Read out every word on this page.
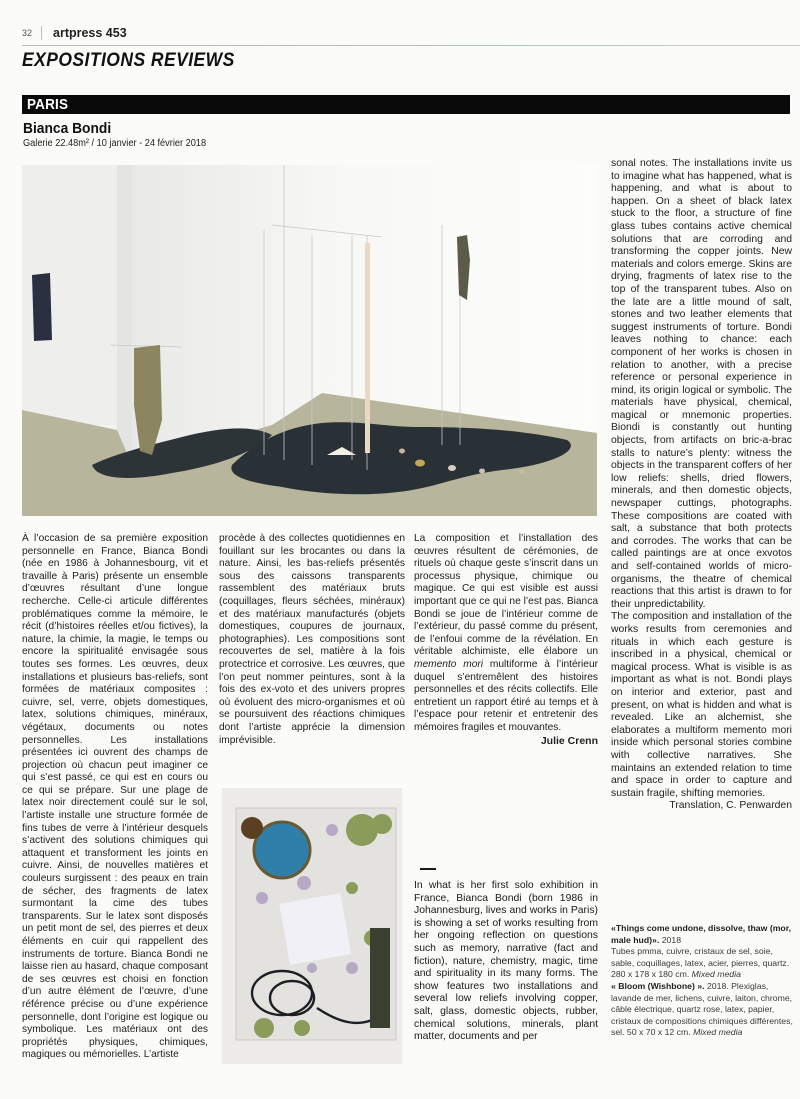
32 artpress 453
EXPOSITIONS REVIEWS
PARIS
Bianca Bondi
Galerie 22.48m² / 10 janvier - 24 février 2018

À l’occasion de sa première exposition personnelle en France, Bianca Bondi (née en 1986 à Johannesbourg, vit et travaille à Paris) présente un ensemble d’œuvres résultant d’une longue recherche. Celle-ci articule différentes problématiques comme la mémoire, le récit (d’histoires réelles et/ou fictives), la nature, la chimie, la magie, le temps ou encore la spiritualité envisagée sous toutes ses formes. Les œuvres, deux installations et plusieurs bas-reliefs, sont formées de matériaux composites : cuivre, sel, verre, objets domestiques, latex, solutions chimiques, minéraux, végétaux, documents ou notes personnelles. Les installations présentées ici ouvrent des champs de projection où chacun peut imaginer ce qui s’est passé, ce qui est en cours ou ce qui se prépare. Sur une plage de latex noir directement coulé sur le sol, l’artiste installe une structure formée de fins tubes de verre à l’intérieur desquels s’activent des solutions chimiques qui attaquent et transforment les joints en cuivre. Ainsi, de nouvelles matières et couleurs surgissent : des peaux en train de sécher, des fragments de latex surmontant la cime des tubes transparents. Sur le latex sont disposés un petit mont de sel, des pierres et deux éléments en cuir qui rappellent des instruments de torture. Bianca Bondi ne laisse rien au hasard, chaque composant de ses œuvres est choisi en fonction d’un autre élément de l’œuvre, d’une référence précise ou d’une expérience personnelle, dont l’origine est logique ou symbolique. Les matériaux ont des propriétés physiques, chimiques, magiques ou mémorielles. L’artiste

procède à des collectes quotidiennes en fouillant sur les brocantes ou dans la nature. Ainsi, les bas-reliefs présentés sous des caissons transparents rassemblent des matériaux bruts (coquillages, fleurs séchées, minéraux) et des matériaux manufacturés (objets domestiques, coupures de journaux, photographies). Les compositions sont recouvertes de sel, matière à la fois protectrice et corrosive. Les œuvres, que l’on peut nommer peintures, sont à la fois des ex-voto et des univers propres où évoluent des micro-organismes et où se poursuivent des réactions chimiques dont l’artiste apprécie la dimension imprévisible.

La composition et l’installation des œuvres résultent de cérémonies, de rituels où chaque geste s’inscrit dans un processus physique, chimique ou magique. Ce qui est visible est aussi important que ce qui ne l’est pas. Bianca Bondi se joue de l’intérieur comme de l’extérieur, du passé comme du présent, de l’enfoui comme de la révélation. En véritable alchimiste, elle élabore un memento mori multiforme à l’intérieur duquel s’entremêlent des histoires personnelles et des récits collectifs. Elle entretient un rapport étiré au temps et à l’espace pour retenir et entretenir des mémoires fragiles et mouvantes.

Julie Crenn

In what is her first solo exhibition in France, Bianca Bondi (born 1986 in Johannesburg, lives and works in Paris) is showing a set of works resulting from her ongoing reflection on questions such as memory, narrative (fact and fiction), nature, chemistry, magic, time and spirituality in its many forms. The show features two installations and several low reliefs involving copper, salt, glass, domestic objects, rubber, chemical solutions, minerals, plant matter, documents and per

sonal notes. The installations invite us to imagine what has happened, what is happening, and what is about to happen. On a sheet of black latex stuck to the floor, a structure of fine glass tubes contains active chemical solutions that are corroding and transforming the copper joints. New materials and colors emerge. Skins are drying, fragments of latex rise to the top of the transparent tubes. Also on the late are a little mound of salt, stones and two leather elements that suggest instruments of torture. Bondi leaves nothing to chance: each component of her works is chosen in relation to another, with a precise reference or personal experience in mind, its origin logical or symbolic. The materials have physical, chemical, magical or mnemonic properties. Biondi is constantly out hunting objects, from artifacts on bric-a-brac stalls to nature’s plenty: witness the objects in the transparent coffers of her low reliefs: shells, dried flowers, minerals, and then domestic objects, newspaper cuttings, photographs. These compositions are coated with salt, a substance that both protects and corrodes. The works that can be called paintings are at once exvotos and self-contained worlds of micro-organisms, the theatre of chemical reactions that this artist is drawn to for their unpredictability.

The composition and installation of the works results from ceremonies and rituals in which each gesture is inscribed in a physical, chemical or magical process. What is visible is as important as what is not. Bondi plays on interior and exterior, past and present, on what is hidden and what is revealed. Like an alchemist, she elaborates a multiform memento mori inside which personal stories combine with collective narratives. She maintains an extended relation to time and space in order to capture and sustain fragile, shifting memories.

Translation, C. Penwarden

«Things come undone, dissolve, thaw (mor, male hud)». 2018
Tubes pmma, cuivre, cristaux de sel, soie, sable, coquillages, latex, acier, pierres, quartz. 280 x 178 x 180 cm. Mixed media

« Bloom (Wishbone) ». 2018. Plexiglas, lavande de mer, lichens, cuivre, laiton, chrome, câble électrique, quartz rose, latex, papier, cristaux de compositions chimiques différentes, sel. 50 x 70 x 12 cm. Mixed media
